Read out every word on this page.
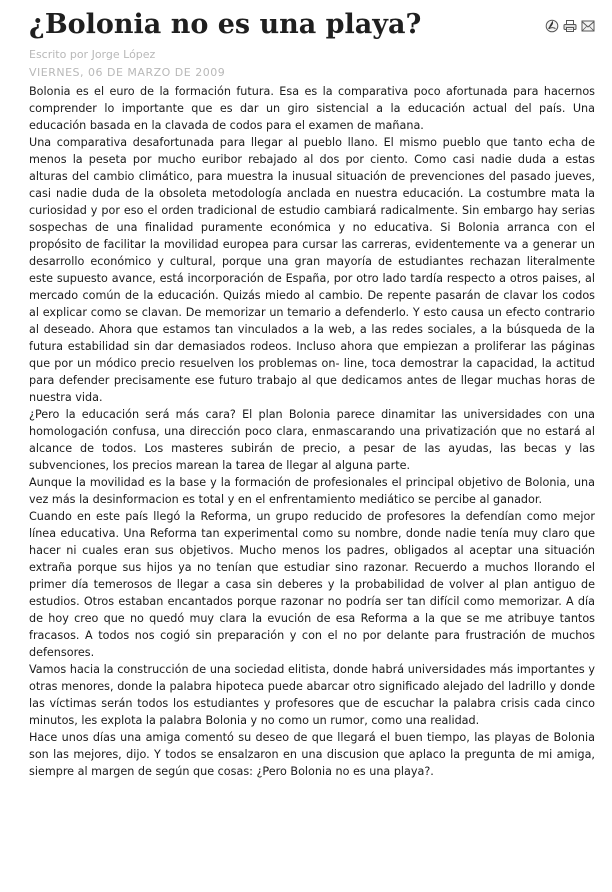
¿Bolonia no es una playa?
Escrito por Jorge López
VIERNES, 06 DE MARZO DE 2009

Bolonia es el euro de la formación futura. Esa es la comparativa poco afortunada para hacernos comprender lo importante que es dar un giro sistencial a la educación actual del país. Una educación basada en la clavada de codos para el examen de mañana.

Una comparativa desafortunada para llegar al pueblo llano. El mismo pueblo que tanto echa de menos la peseta por mucho euribor rebajado al dos por ciento. Como casi nadie duda a estas alturas del cambio climático, para muestra la inusual situación de prevenciones del pasado jueves, casi nadie duda de la obsoleta metodología anclada en nuestra educación. La costumbre mata la curiosidad y por eso el orden tradicional de estudio cambiará radicalmente. Sin embargo hay serias sospechas de una finalidad puramente económica y no educativa. Si Bolonia arranca con el propósito de facilitar la movilidad europea para cursar las carreras, evidentemente va a generar un desarrollo económico y cultural, porque una gran mayoría de estudiantes rechazan literalmente este supuesto avance, está incorporación de España, por otro lado tardía respecto a otros paises, al mercado común de la educación. Quizás miedo al cambio. De repente pasarán de clavar los codos al explicar como se clavan. De memorizar un temario a defenderlo. Y esto causa un efecto contrario al deseado. Ahora que estamos tan vinculados a la web, a las redes sociales, a la búsqueda de la futura estabilidad sin dar demasiados rodeos. Incluso ahora que empiezan a proliferar las páginas que por un módico precio resuelven los problemas on- line, toca demostrar la capacidad, la actitud para defender precisamente ese futuro trabajo al que dedicamos antes de llegar muchas horas de nuestra vida.

¿Pero la educación será más cara? El plan Bolonia parece dinamitar las universidades con una homologación confusa, una dirección poco clara, enmascarando una privatización que no estará al alcance de todos. Los masteres subirán de precio, a pesar de las ayudas, las becas y las subvenciones, los precios marean la tarea de llegar al alguna parte.

Aunque la movilidad es la base y la formación de profesionales el principal objetivo de Bolonia, una vez más la desinformacion es total y en el enfrentamiento mediático se percibe al ganador.

Cuando en este país llegó la Reforma, un grupo reducido de profesores la defendían como mejor línea educativa. Una Reforma tan experimental como su nombre, donde nadie tenía muy claro que hacer ni cuales eran sus objetivos. Mucho menos los padres, obligados al aceptar una situación extraña porque sus hijos ya no tenían que estudiar sino razonar. Recuerdo a muchos llorando el primer día temerosos de llegar a casa sin deberes y la probabilidad de volver al plan antiguo de estudios. Otros estaban encantados porque razonar no podría ser tan difícil como memorizar. A día de hoy creo que no quedó muy clara la evución de esa Reforma a la que se me atribuye tantos fracasos. A todos nos cogió sin preparación y con el no por delante para frustración de muchos defensores.

Vamos hacia la construcción de una sociedad elitista, donde habrá universidades más importantes y otras menores, donde la palabra hipoteca puede abarcar otro significado alejado del ladrillo y donde las víctimas serán todos los estudiantes y profesores que de escuchar la palabra crisis cada cinco minutos, les explota la palabra Bolonia y no como un rumor, como una realidad.

Hace unos días una amiga comentó su deseo de que llegará el buen tiempo, las playas de Bolonia son las mejores, dijo. Y todos se ensalzaron en una discusion que aplaco la pregunta de mi amiga, siempre al margen de según que cosas: ¿Pero Bolonia no es una playa?.
